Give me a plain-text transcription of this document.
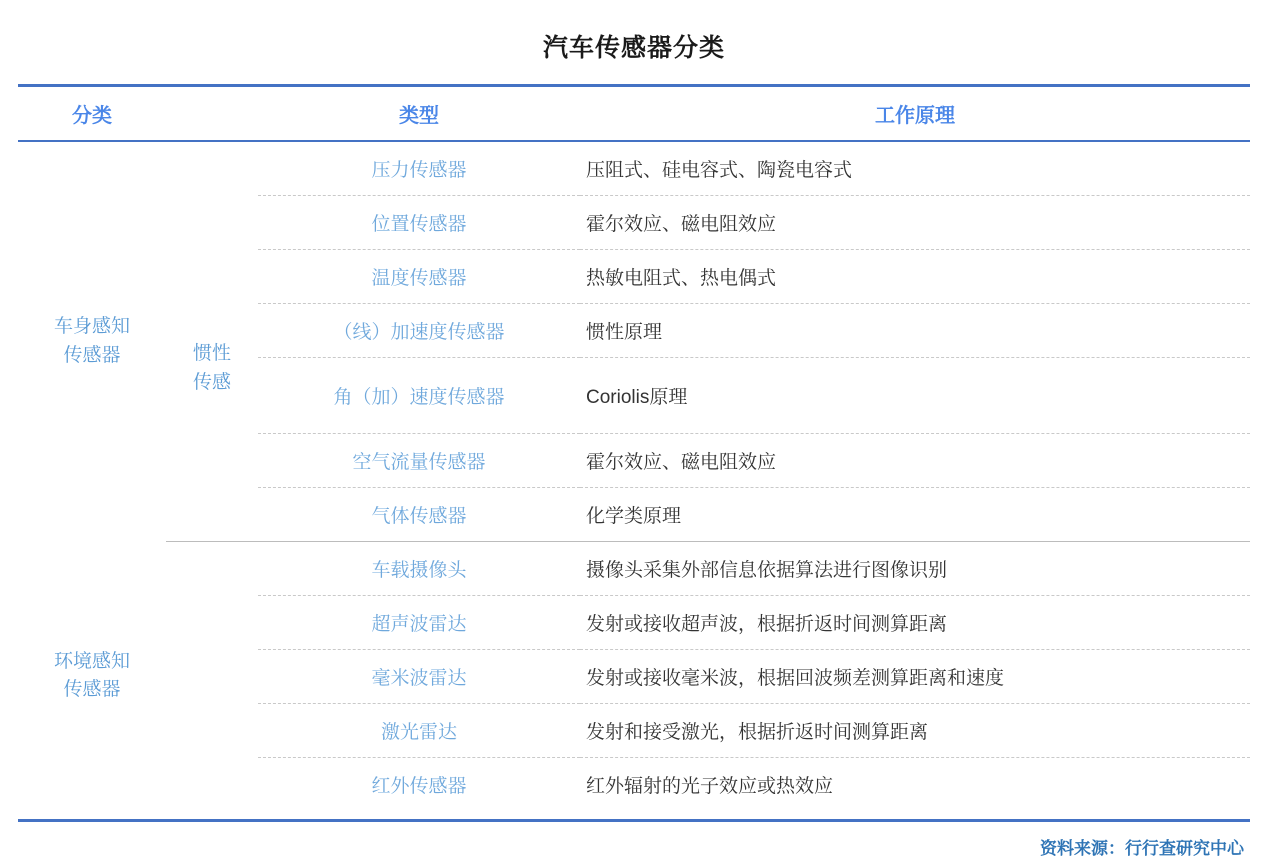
汽车传感器分类
分类		类型	工作原理
车身感知
传感器		压力传感器	压阻式、硅电容式、陶瓷电容式
		位置传感器	霍尔效应、磁电阻效应
		温度传感器	热敏电阻式、热电偶式
	惯性
传感	（线）加速度传感器	惯性原理
		角（加）速度传感器	Coriolis原理
		空气流量传感器	霍尔效应、磁电阻效应
		气体传感器	化学类原理
环境感知
传感器		车载摄像头	摄像头采集外部信息依据算法进行图像识别
		超声波雷达	发射或接收超声波，根据折返时间测算距离
		毫米波雷达	发射或接收毫米波，根据回波频差测算距离和速度
		激光雷达	发射和接受激光，根据折返时间测算距离
		红外传感器	红外辐射的光子效应或热效应
资料来源：行行查研究中心
